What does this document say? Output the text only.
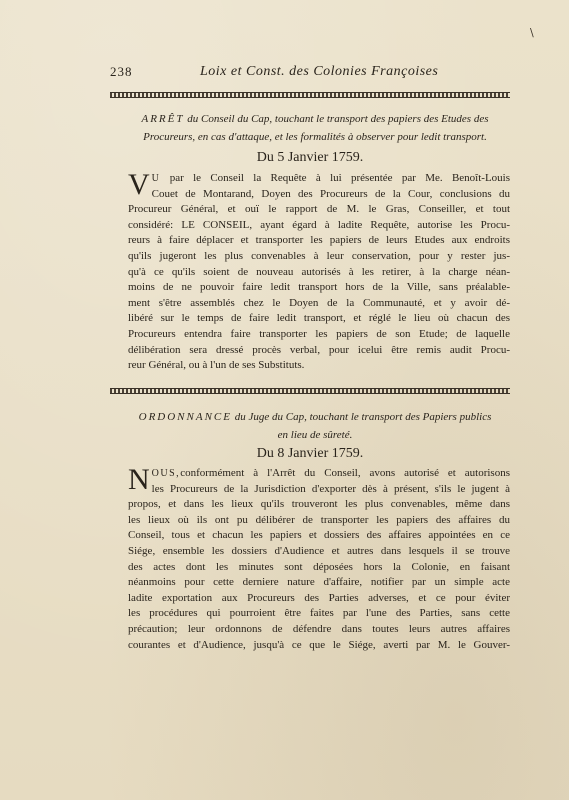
\
238	Loix et Const. des Colonies Françoises
ARRÊT du Conseil du Cap, touchant le transport des papiers des Etudes des
Procureurs, en cas d'attaque, et les formalités à observer pour ledit transport.
Du 5 Janvier 1759.
V U par le Conseil la Requête à lui présentée par Me. Benoît-Louis
Couet de Montarand, Doyen des Procureurs de la Cour, conclusions du
Procureur Général, et ouï le rapport de M. le Gras, Conseiller, et tout
considéré: LE CONSEIL, ayant égard à ladite Requête, autorise les Procu-
reurs à faire déplacer et transporter les papiers de leurs Etudes aux endroits
qu'ils jugeront les plus convenables à leur conservation, pour y rester jus-
qu'à ce qu'ils soient de nouveau autorisés à les retirer, à la charge néan-
moins de ne pouvoir faire ledit transport hors de la Ville, sans préalable-
ment s'être assemblés chez le Doyen de la Communauté, et y avoir dé-
libéré sur le temps de faire ledit transport, et réglé le lieu où chacun des
Procureurs entendra faire transporter les papiers de son Etude; de laquelle
délibération sera dressé procès verbal, pour icelui être remis audit Procu-
reur Général, ou à l'un de ses Substituts.
ORDONNANCE du Juge du Cap, touchant le transport des Papiers publics
en lieu de sûreté.
Du 8 Janvier 1759.
N OUS,conformément à l'Arrêt du Conseil, avons autorisé et autorisons
les Procureurs de la Jurisdiction d'exporter dès à présent, s'ils le jugent à
propos, et dans les lieux qu'ils trouveront les plus convenables, même dans
les lieux où ils ont pu délibérer de transporter les papiers des affaires du
Conseil, tous et chacun les papiers et dossiers des affaires appointées en ce
Siége, ensemble les dossiers d'Audience et autres dans lesquels il se trouve
des actes dont les minutes sont déposées hors la Colonie, en faisant
néanmoins pour cette derniere nature d'affaire, notifier par un simple acte
ladite exportation aux Procureurs des Parties adverses, et ce pour éviter
les procédures qui pourroient être faites par l'une des Parties, sans cette
précaution; leur ordonnons de défendre dans toutes leurs autres affaires
courantes et d'Audience, jusqu'à ce que le Siége, averti par M. le Gouver-
